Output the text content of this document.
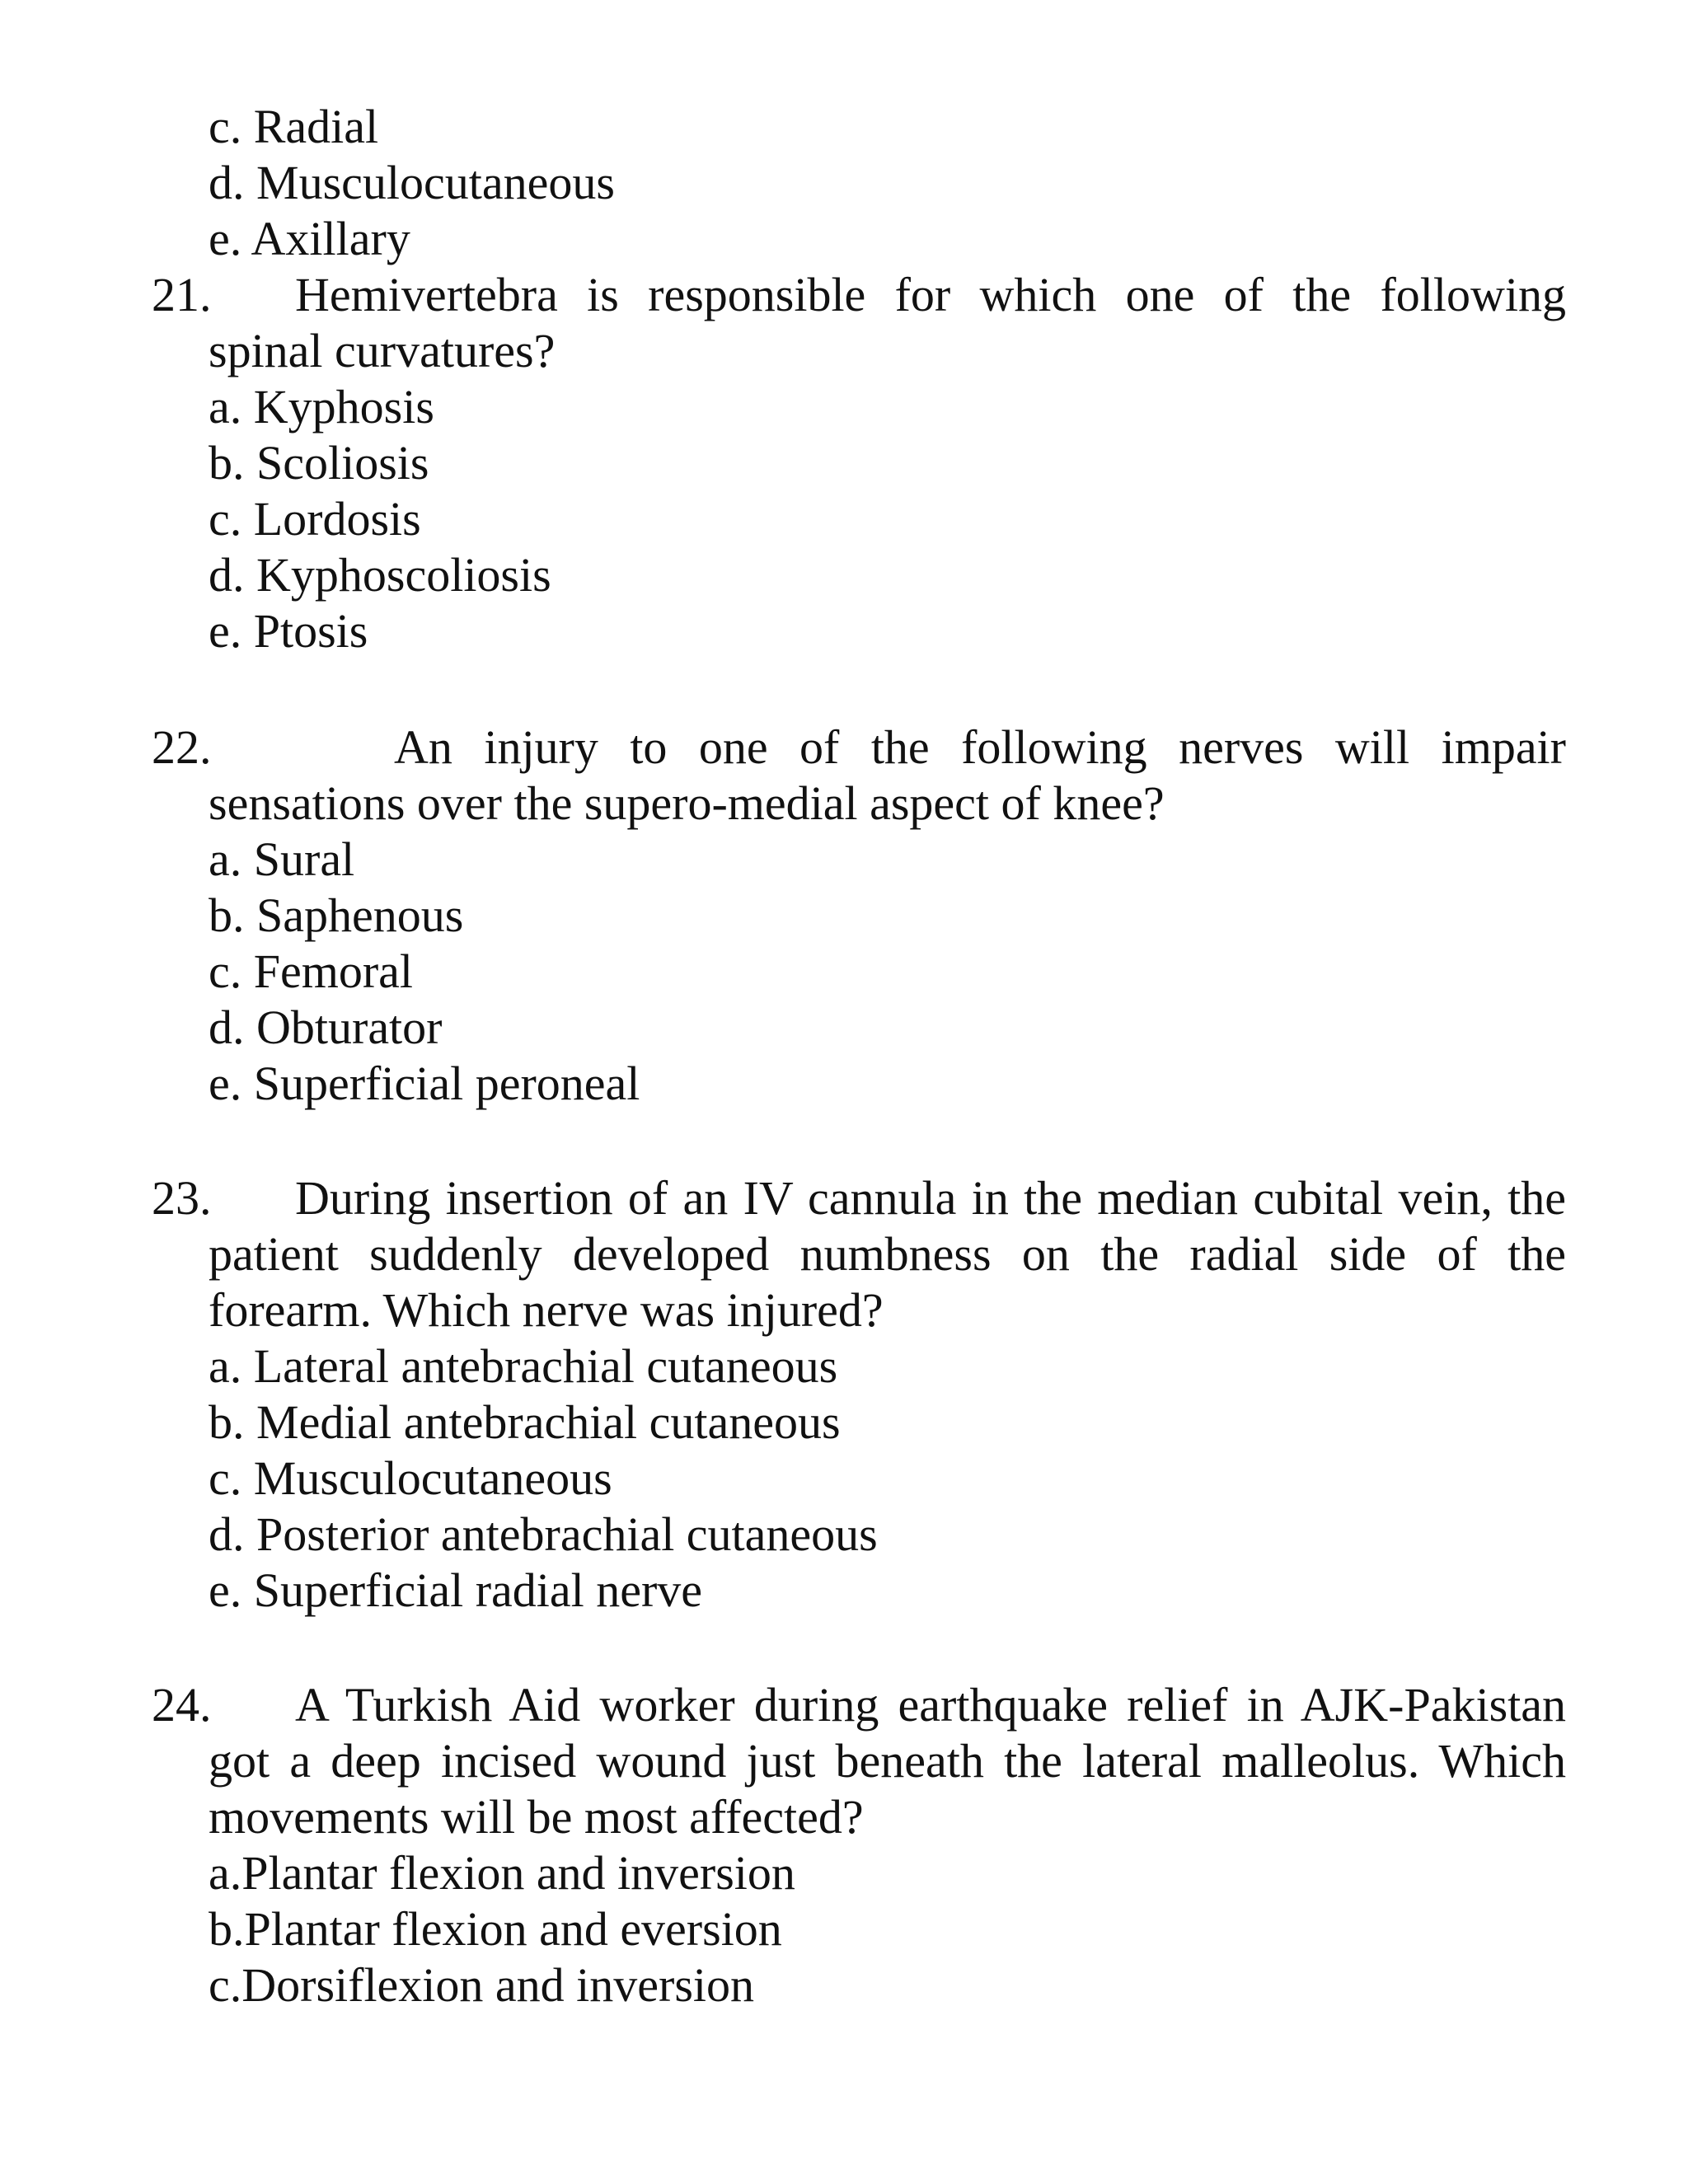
c. Radial
d. Musculocutaneous
e. Axillary
21.	Hemivertebra is responsible for which one of the following
spinal curvatures?
a. Kyphosis
b. Scoliosis
c. Lordosis
d. Kyphoscoliosis
e. Ptosis
22.	An injury to one of the following nerves will impair
sensations over the supero-medial aspect of knee?
a. Sural
b. Saphenous
c. Femoral
d. Obturator
e. Superficial peroneal
23.	During insertion of an IV cannula in the median cubital vein, the
patient suddenly developed numbness on the radial side of the
forearm. Which nerve was injured?
a. Lateral antebrachial cutaneous
b. Medial antebrachial cutaneous
c. Musculocutaneous
d. Posterior antebrachial cutaneous
e. Superficial radial nerve
24.	A Turkish Aid worker during earthquake relief in AJK-Pakistan
got a deep incised wound just beneath the lateral malleolus. Which
movements will be most affected?
a.Plantar flexion and inversion
b.Plantar flexion and eversion
c.Dorsiflexion and inversion
